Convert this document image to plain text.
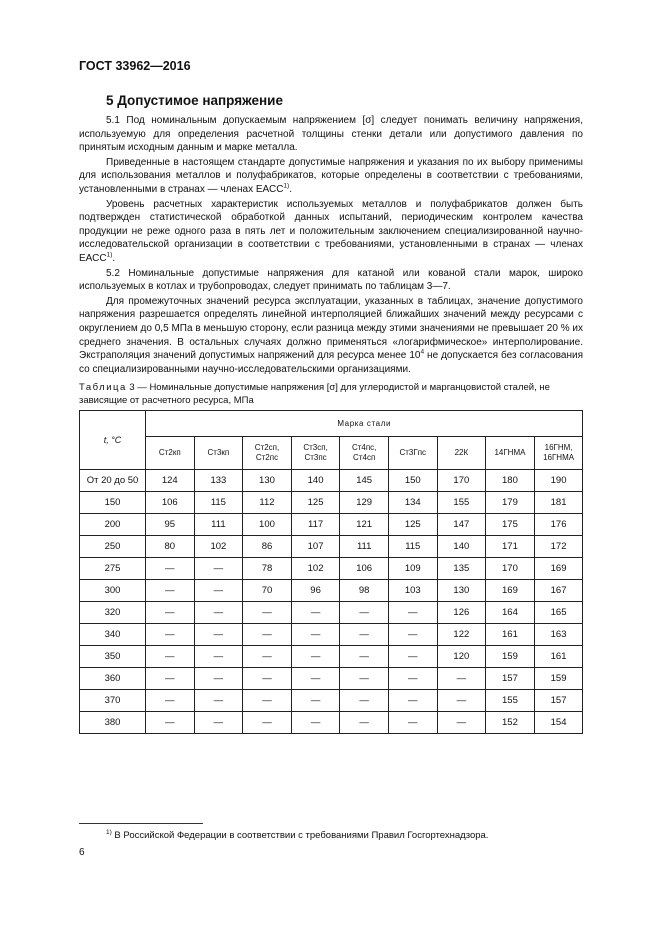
ГОСТ 33962—2016
5 Допустимое напряжение

5.1 Под номинальным допускаемым напряжением [σ] следует понимать величину напряжения, используемую для определения расчетной толщины стенки детали или допустимого давления по принятым исходным данным и марке металла.

Приведенные в настоящем стандарте допустимые напряжения и указания по их выбору применимы для использования металлов и полуфабрикатов, которые определены в соответствии с требованиями, установленными в странах — членах ЕАСС$^{1)}$.

Уровень расчетных характеристик используемых металлов и полуфабрикатов должен быть подтвержден статистической обработкой данных испытаний, периодическим контролем качества продукции не реже одного раза в пять лет и положительным заключением специализированной научно-исследовательской организации в соответствии с требованиями, установленными в странах — членах ЕАСС$^{1)}$.

5.2 Номинальные допустимые напряжения для катаной или кованой стали марок, широко используемых в котлах и трубопроводах, следует принимать по таблицам 3—7.

Для промежуточных значений ресурса эксплуатации, указанных в таблицах, значение допустимого напряжения разрешается определять линейной интерполяцией ближайших значений между ресурсами с округлением до 0,5 МПа в меньшую сторону, если разница между этими значениями не превышает 20 % их среднего значения. В остальных случаях должно применяться «логарифмическое» интерполирование. Экстраполяция значений допустимых напряжений для ресурса менее $10^4$ не допускается без согласования со специализированными научно-исследовательскими организациями.

Таблица 3 — Номинальные допустимые напряжения [σ] для углеродистой и марганцовистой сталей, не зависящие от расчетного ресурса, МПа
t, °C	Марка стали								
	Ст2кп	Ст3кп	Ст2сп, Ст2пс	Ст3сп, Ст3пс	Ст4пс, Ст4сп	Ст3Гпс	22К	14ГНМА	16ГНМ, 16ГНМА
От 20 до 50	124	133	130	140	145	150	170	180	190
150	106	115	112	125	129	134	155	179	181
200	95	111	100	117	121	125	147	175	176
250	80	102	86	107	111	115	140	171	172
275	—	—	78	102	106	109	135	170	169
300	—	—	70	96	98	103	130	169	167
320	—	—	—	—	—	—	126	164	165
340	—	—	—	—	—	—	122	161	163
350	—	—	—	—	—	—	120	159	161
360	—	—	—	—	—	—	—	157	159
370	—	—	—	—	—	—	—	155	157
380	—	—	—	—	—	—	—	152	154
$^{1)}$ В Российской Федерации в соответствии с требованиями Правил Госгортехнадзора.
6
